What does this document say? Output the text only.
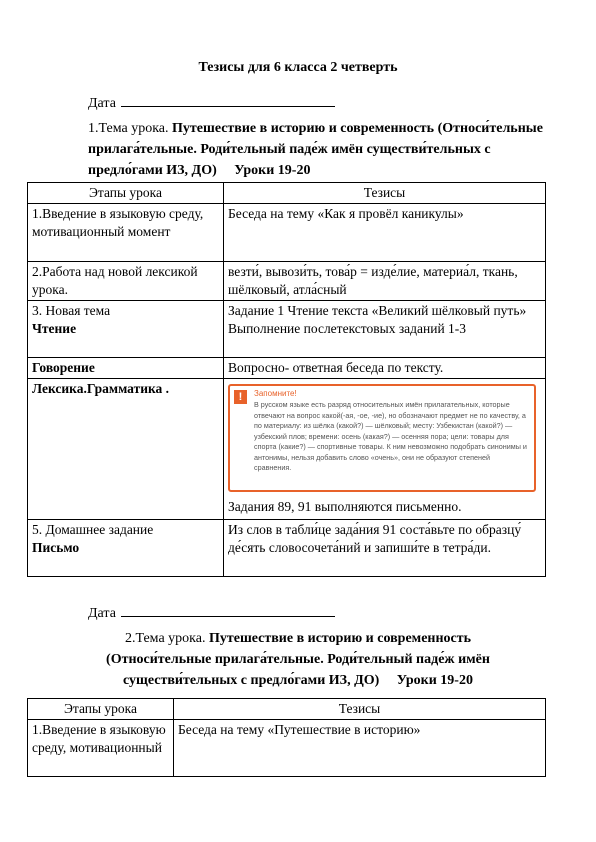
Тезисы для 6 класса 2 четверть
Дата
1.Тема урока. Путешествие в историю и современность (Относи́тельные прилага́тельные. Роди́тельный паде́ж имён существи́тельных с предло́гами ИЗ, ДО) Уроки 19-20
Этапы урока	Тезисы
1.Введение в языковую среду, мотивационный момент	Беседа на тему «Как я провёл каникулы»
2.Работа над новой лексикой урока.	везти́, вывози́ть, това́р = изде́лие, материа́л, ткань, шёлковый, атла́сный

3. Новая тема
Чтение	Задание 1 Чтение текста «Великий шёлковый путь» Выполнение послетекстовых заданий 1-3
Говорение	Вопросно- ответная беседа по тексту.
Лексика.Грамматика .	! Запомните!
В русском языке есть разряд относительных имён прилагательных, которые отвечают на вопрос какой(-ая, -ое, -ие), но обозначают предмет не по качеству, а по материалу: из шёлка (какой?) — шёлковый; месту: Узбекистан (какой?) — узбекский плов; времени: осень (какая?) — осенняя пора; цели: товары для спорта (какие?) — спортивные товары. К ним невозможно подобрать синонимы и антонимы, нельзя добавить слово «очень», они не образуют степеней сравнения.
Задания 89, 91 выполняются письменно.

5. Домашнее задание
Письмо	Из слов в табли́це зада́ния 91 соста́вьте по образцу́ де́сять словосочета́ний и запиши́те в тетра́ди.
Дата
2.Тема урока. Путешествие в историю и современность (Относи́тельные прилага́тельные. Роди́тельный паде́ж имён существи́тельных с предло́гами ИЗ, ДО) Уроки 19-20
Этапы урока	Тезисы
1.Введение в языковую среду, мотивационный	Беседа на тему «Путешествие в историю»
